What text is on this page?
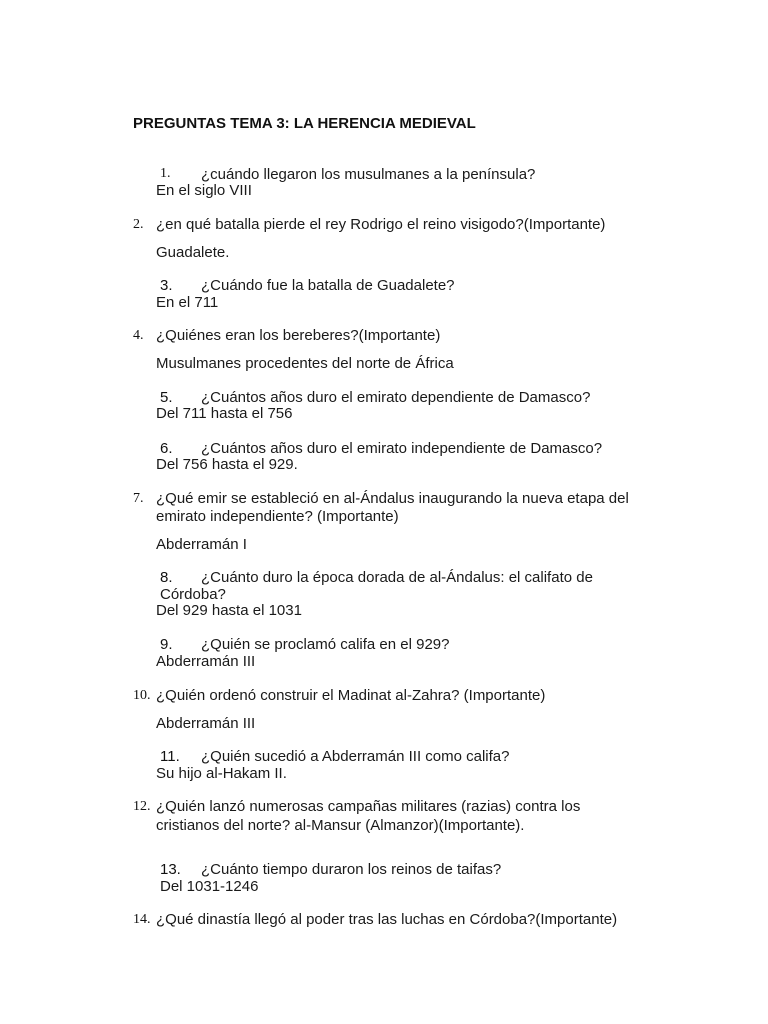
PREGUNTAS TEMA 3: LA HERENCIA MEDIEVAL
1. ¿cuándo llegaron los musulmanes a la península?
En el siglo VIII
2. ¿en qué batalla pierde el rey Rodrigo el reino visigodo?(Importante)
Guadalete.
3. ¿Cuándo fue la batalla de Guadalete?
En el 711
4. ¿Quiénes eran los bereberes?(Importante)
Musulmanes procedentes del norte de África
5. ¿Cuántos años duro el emirato dependiente de Damasco?
Del 711 hasta el 756
6. ¿Cuántos años duro el emirato independiente de Damasco?
Del 756 hasta el 929.
7. ¿Qué emir se estableció en al-Ándalus inaugurando la nueva etapa del
emirato independiente? (Importante)
Abderramán I
8. ¿Cuánto duro la época dorada de al-Ándalus: el califato de
Córdoba?
Del 929 hasta el 1031
9. ¿Quién se proclamó califa en el 929?
Abderramán III
10. ¿Quién ordenó construir el Madinat al-Zahra? (Importante)
Abderramán III
11. ¿Quién sucedió a Abderramán III como califa?
Su hijo al-Hakam II.
12. ¿Quién lanzó numerosas campañas militares (razias) contra los
cristianos del norte? al-Mansur (Almanzor)(Importante).
13. ¿Cuánto tiempo duraron los reinos de taifas?
Del 1031-1246
14. ¿Qué dinastía llegó al poder tras las luchas en Córdoba?(Importante)
